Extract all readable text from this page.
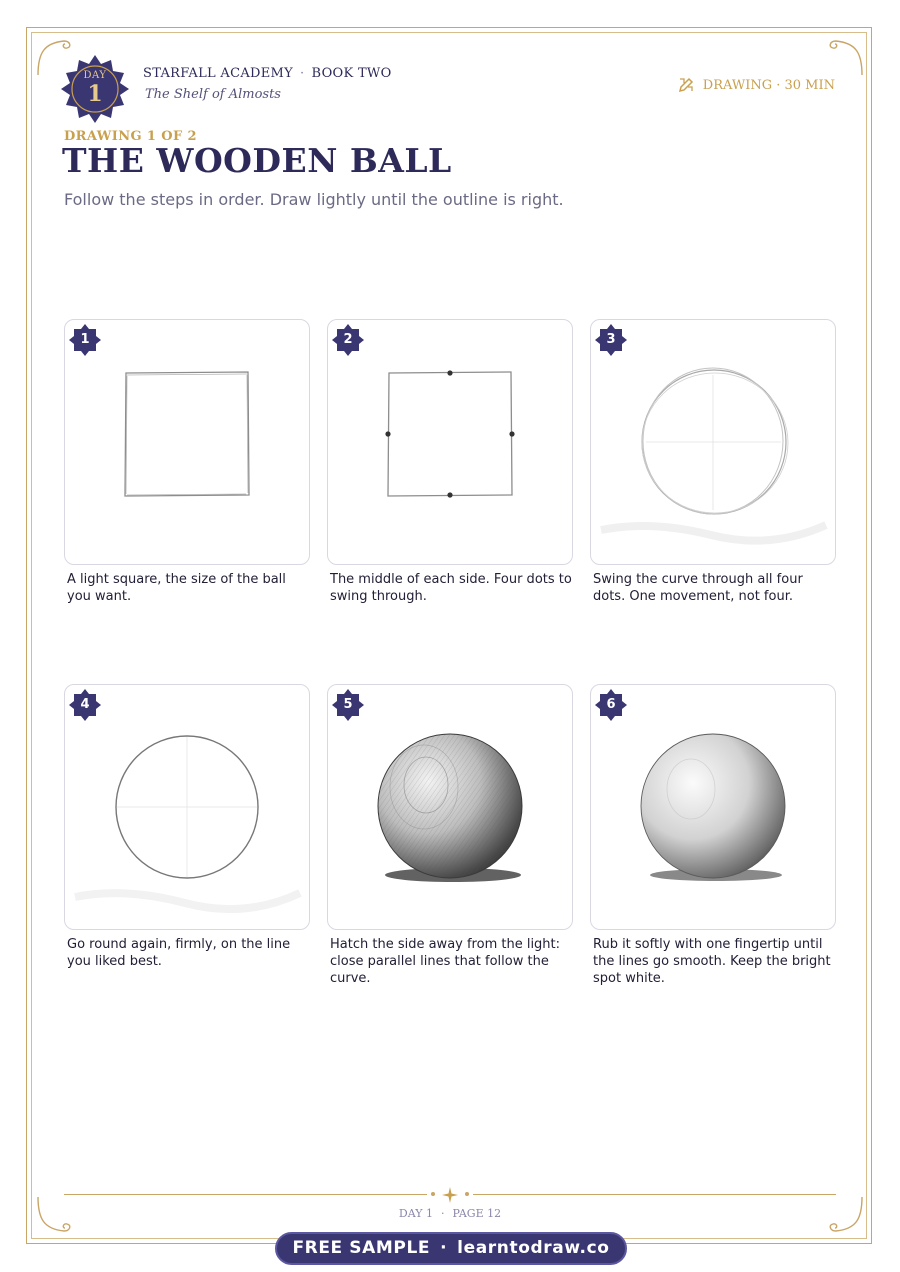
DAY
1
STARFALL ACADEMY · BOOK TWO
The Shelf of Almosts
DRAWING · 30 MIN
DRAWING 1 OF 2
THE WOODEN BALL
Follow the steps in order. Draw lightly until the outline is right.
1
A light square, the size of the ball you want.
2
The middle of each side. Four dots to swing through.
3
Swing the curve through all four dots. One movement, not four.
4
Go round again, firmly, on the line you liked best.
5
Hatch the side away from the light: close parallel lines that follow the curve.
6
Rub it softly with one fingertip until the lines go smooth. Keep the bright spot white.
DAY 1 · PAGE 12
FREE SAMPLE · learntodraw.co
